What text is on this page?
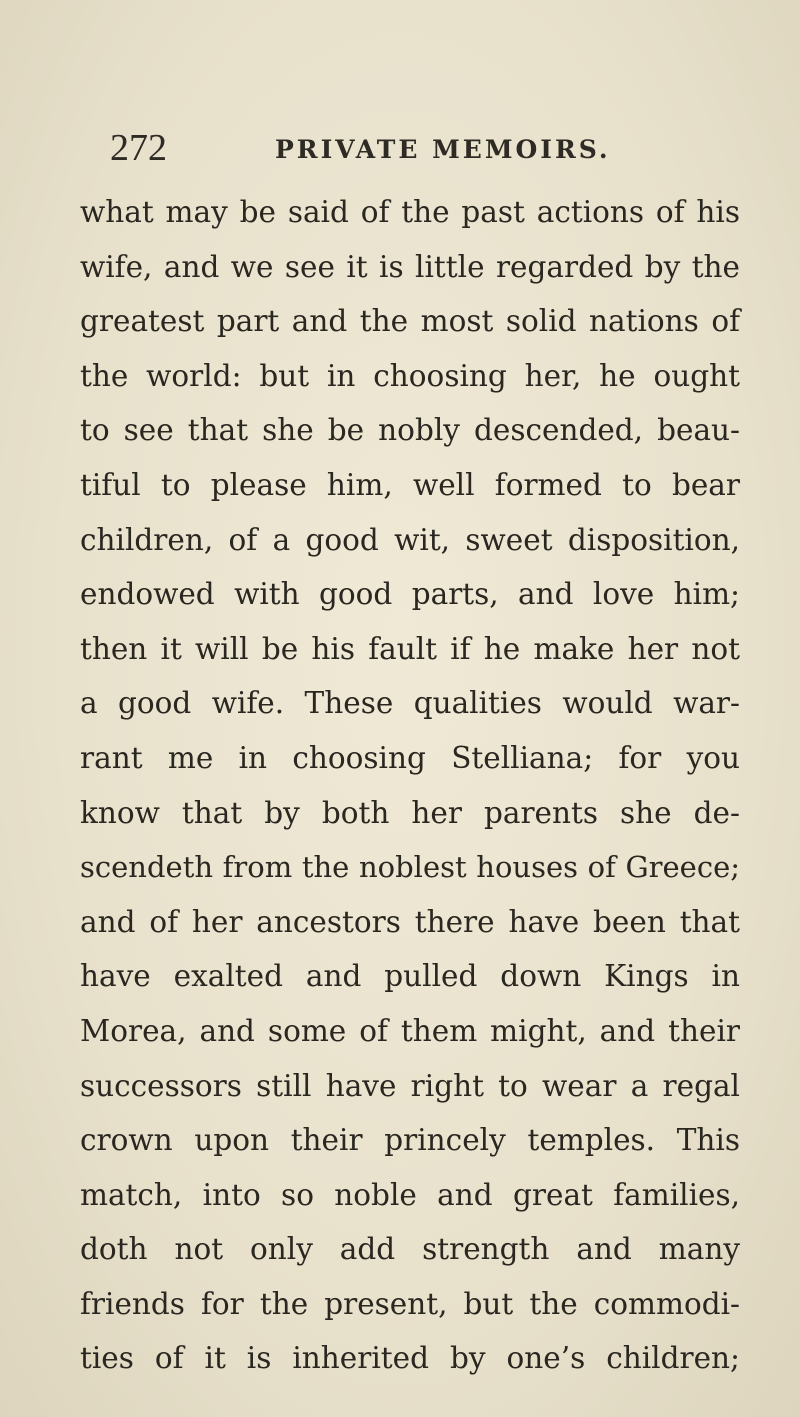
272	PRIVATE MEMOIRS.
what may be said of the past actions of his
wife, and we see it is little regarded by the
greatest part and the most solid nations of
the world: but in choosing her, he ought
to see that she be nobly descended, beau-
tiful to please him, well formed to bear
children, of a good wit, sweet disposition,
endowed with good parts, and love him;
then it will be his fault if he make her not
a good wife. These qualities would war-
rant me in choosing Stelliana; for you
know that by both her parents she de-
scendeth from the noblest houses of Greece;
and of her ancestors there have been that
have exalted and pulled down Kings in
Morea, and some of them might, and their
successors still have right to wear a regal
crown upon their princely temples. This
match, into so noble and great families,
doth not only add strength and many
friends for the present, but the commodi-
ties of it is inherited by one’s children;
